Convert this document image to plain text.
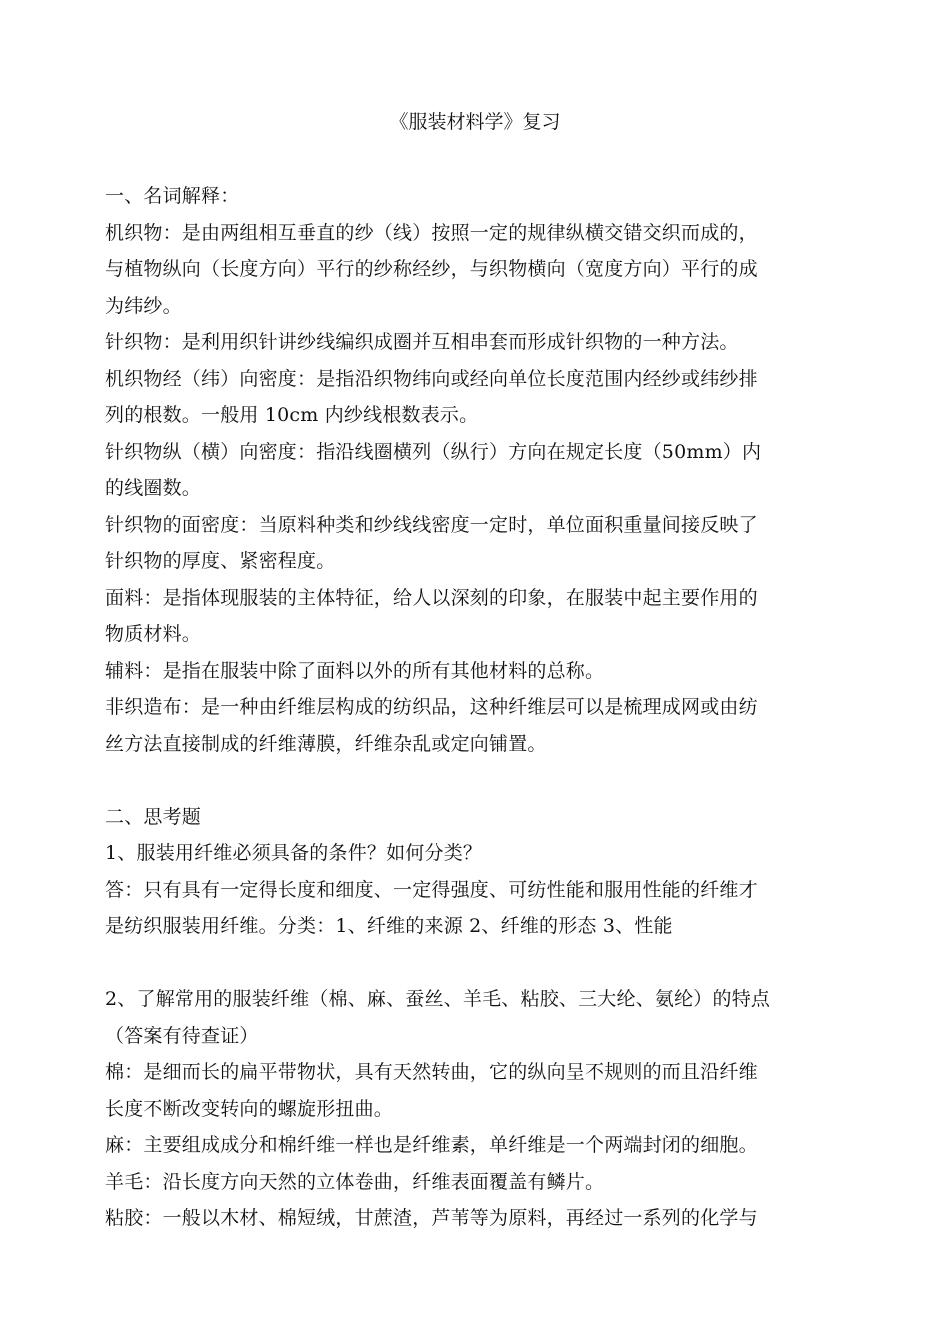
《服装材料学》复习
一、名词解释：
机织物：是由两组相互垂直的纱（线）按照一定的规律纵横交错交织而成的，
与植物纵向（长度方向）平行的纱称经纱，与织物横向（宽度方向）平行的成
为纬纱。
针织物：是利用织针讲纱线编织成圈并互相串套而形成针织物的一种方法。
机织物经（纬）向密度：是指沿织物纬向或经向单位长度范围内经纱或纬纱排
列的根数。一般用 10cm 内纱线根数表示。
针织物纵（横）向密度：指沿线圈横列（纵行）方向在规定长度（50mm）内
的线圈数。
针织物的面密度：当原料种类和纱线线密度一定时，单位面积重量间接反映了
针织物的厚度、紧密程度。
面料：是指体现服装的主体特征，给人以深刻的印象，在服装中起主要作用的
物质材料。
辅料：是指在服装中除了面料以外的所有其他材料的总称。
非织造布：是一种由纤维层构成的纺织品，这种纤维层可以是梳理成网或由纺
丝方法直接制成的纤维薄膜，纤维杂乱或定向铺置。
二、思考题
1、服装用纤维必须具备的条件？如何分类？
答：只有具有一定得长度和细度、一定得强度、可纺性能和服用性能的纤维才
是纺织服装用纤维。分类：1、纤维的来源 2、纤维的形态 3、性能
2、了解常用的服装纤维（棉、麻、蚕丝、羊毛、粘胶、三大纶、氨纶）的特点
（答案有待查证）
棉：是细而长的扁平带物状，具有天然转曲，它的纵向呈不规则的而且沿纤维
长度不断改变转向的螺旋形扭曲。
麻：主要组成成分和棉纤维一样也是纤维素，单纤维是一个两端封闭的细胞。
羊毛：沿长度方向天然的立体卷曲，纤维表面覆盖有鳞片。
粘胶：一般以木材、棉短绒，甘蔗渣，芦苇等为原料，再经过一系列的化学与
